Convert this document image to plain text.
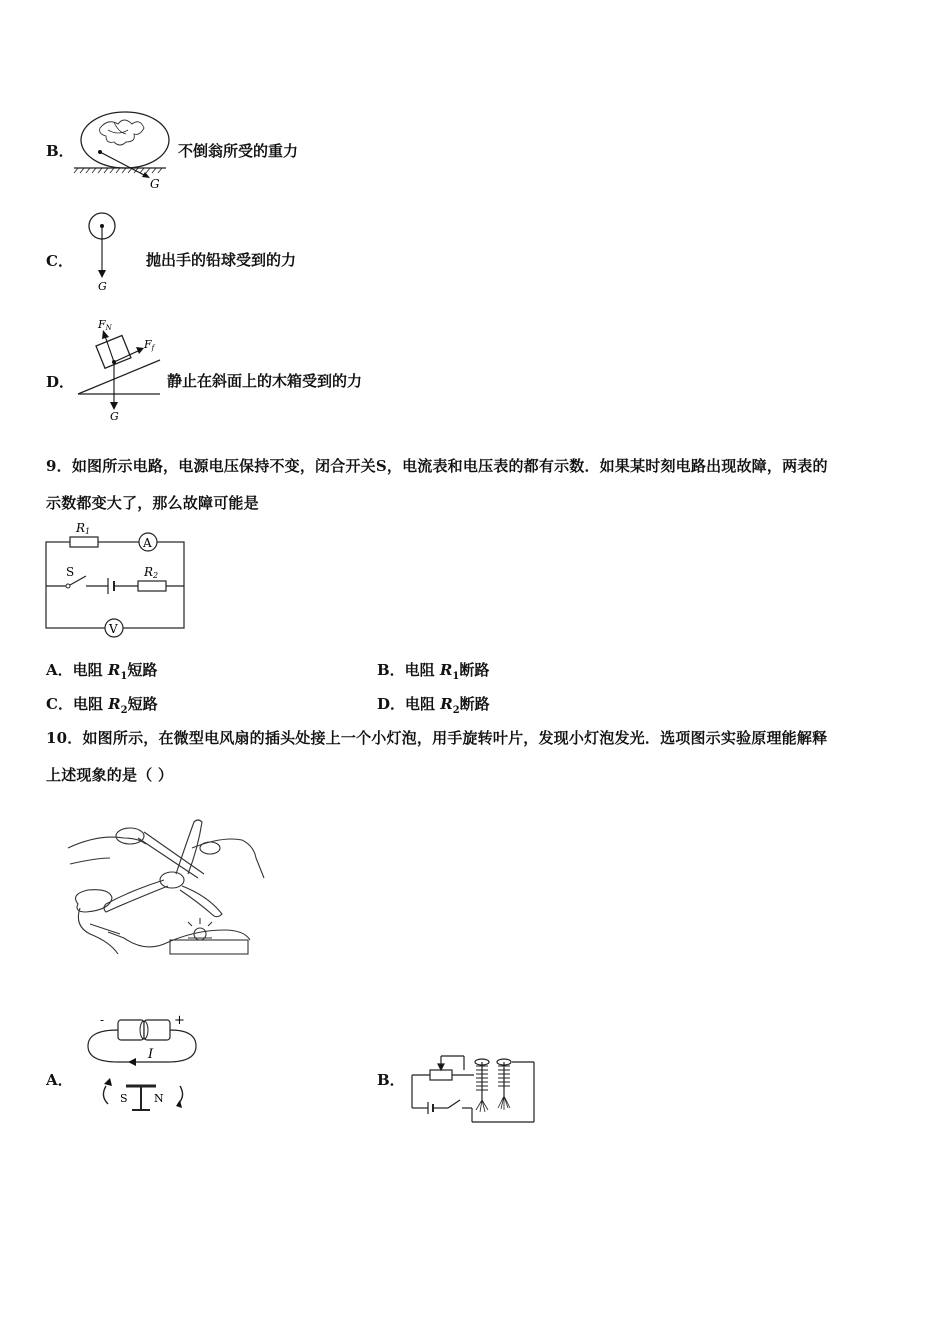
B．
G
不倒翁所受的重力
C．
G
抛出手的铅球受到的力
D．
FN
Ff
G
静止在斜面上的木箱受到的力
9．如图所示电路，电源电压保持不变，闭合开关S，电流表和电压表的都有示数．如果某时刻电路出现故障，两表的
示数都变大了，那么故障可能是
A
R1
S	R2
V
A．电阻 $R_1$短路	B．电阻 $R_1$断路
C．电阻 $R_2$短路	D．电阻 $R_2$断路
10．如图所示，在微型电风扇的插头处接上一个小灯泡，用手旋转叶片，发现小灯泡发光．选项图示实验原理能解释
上述现象的是（ ）
A．
-	+
I
S N
B．
